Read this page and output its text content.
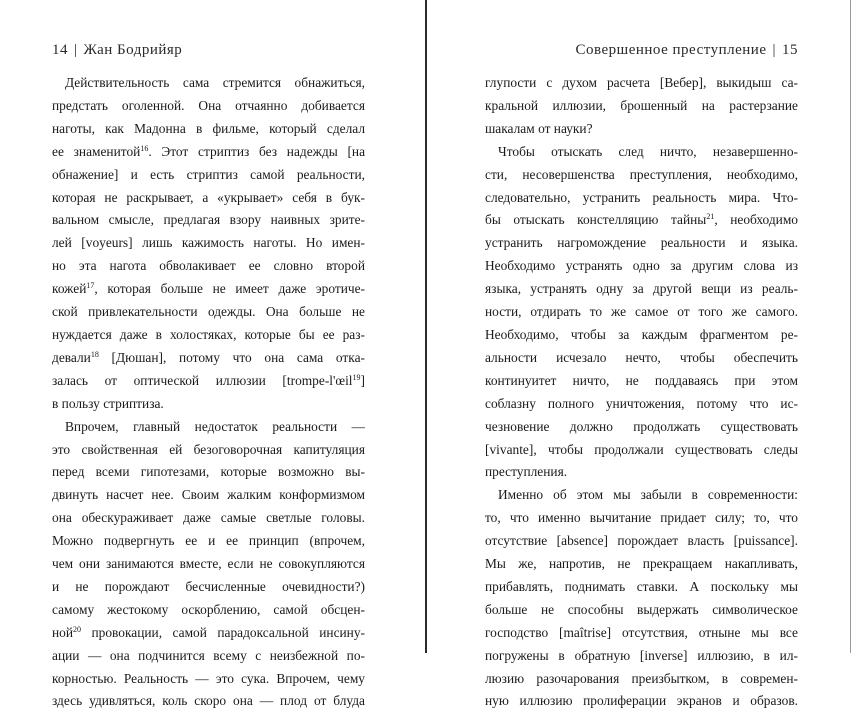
14 | Жан Бодрийяр	Совершенное преступление | 15
Действительность сама стремится обнажиться,
предстать оголенной. Она отчаянно добивается
наготы, как Мадонна в фильме, который сделал
ее знаменитой$^{16}$. Этот стриптиз без надежды [на
обнажение] и есть стриптиз самой реальности,
которая не раскрывает, а «укрывает» себя в бук-
вальном смысле, предлагая взору наивных зрите-
лей [voyeurs] лишь кажимость наготы. Но имен-
но эта нагота обволакивает ее словно второй
кожей$^{17}$, которая больше не имеет даже эротиче-
ской привлекательности одежды. Она больше не
нуждается даже в холостяках, которые бы ее раз-
девали$^{18}$ [Дюшан], потому что она сама отка-
залась от оптической иллюзии [trompe-l'œil$^{19}$]
в пользу стриптиза.
Впрочем, главный недостаток реальности —
это свойственная ей безоговорочная капитуляция
перед всеми гипотезами, которые возможно вы-
двинуть насчет нее. Своим жалким конформизмом
она обескураживает даже самые светлые головы.
Можно подвергнуть ее и ее принцип (впрочем,
чем они занимаются вместе, если не совокупляются
и не порождают бесчисленные очевидности?)
самому жестокому оскорблению, самой обсцен-
ной$^{20}$ провокации, самой парадоксальной инсину-
ации — она подчинится всему с неизбежной по-
корностью. Реальность — это сука. Впрочем, чему
здесь удивляться, коль скоро она — плод от блуда
глупости с духом расчета [Вебер], выкидыш са-
кральной иллюзии, брошенный на растерзание
шакалам от науки?
Чтобы отыскать след ничто, незавершенно-
сти, несовершенства преступления, необходимо,
следовательно, устранить реальность мира. Что-
бы отыскать констелляцию тайны$^{21}$, необходимо
устранить нагромождение реальности и языка.
Необходимо устранять одно за другим слова из
языка, устранять одну за другой вещи из реаль-
ности, отдирать то же самое от того же самого.
Необходимо, чтобы за каждым фрагментом ре-
альности исчезало нечто, чтобы обеспечить
континуитет ничто, не поддаваясь при этом
соблазну полного уничтожения, потому что ис-
чезновение должно продолжать существовать
[vivante], чтобы продолжали существовать следы
преступления.
Именно об этом мы забыли в современности:
то, что именно вычитание придает силу; то, что
отсутствие [absence] порождает власть [puissance].
Мы же, напротив, не прекращаем накапливать,
прибавлять, поднимать ставки. А поскольку мы
больше не способны выдержать символическое
господство [maîtrise] отсутствия, отныне мы все
погружены в обратную [inverse] иллюзию, в ил-
люзию разочарования преизбытком, в современ-
ную иллюзию пролиферации экранов и образов.
